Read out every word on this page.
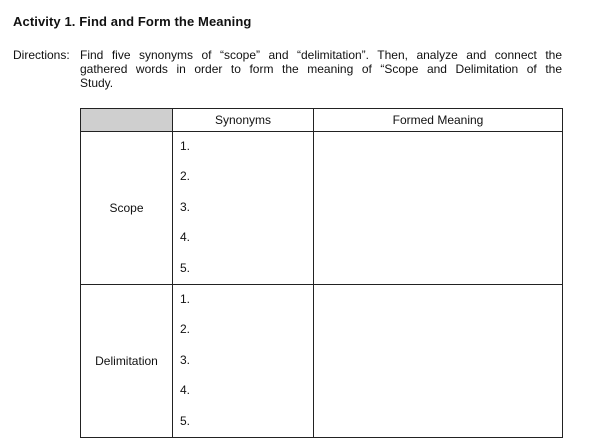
Activity 1. Find and Form the Meaning
Directions: Find five synonyms of “scope” and “delimitation”. Then, analyze and connect the
gathered words in order to form the meaning of “Scope and Delimitation of the
Study.
	Synonyms	Formed Meaning
Scope	1.
2.
3.
4.
5.	

Delimitation	1.
2.
3.
4.
5.	
